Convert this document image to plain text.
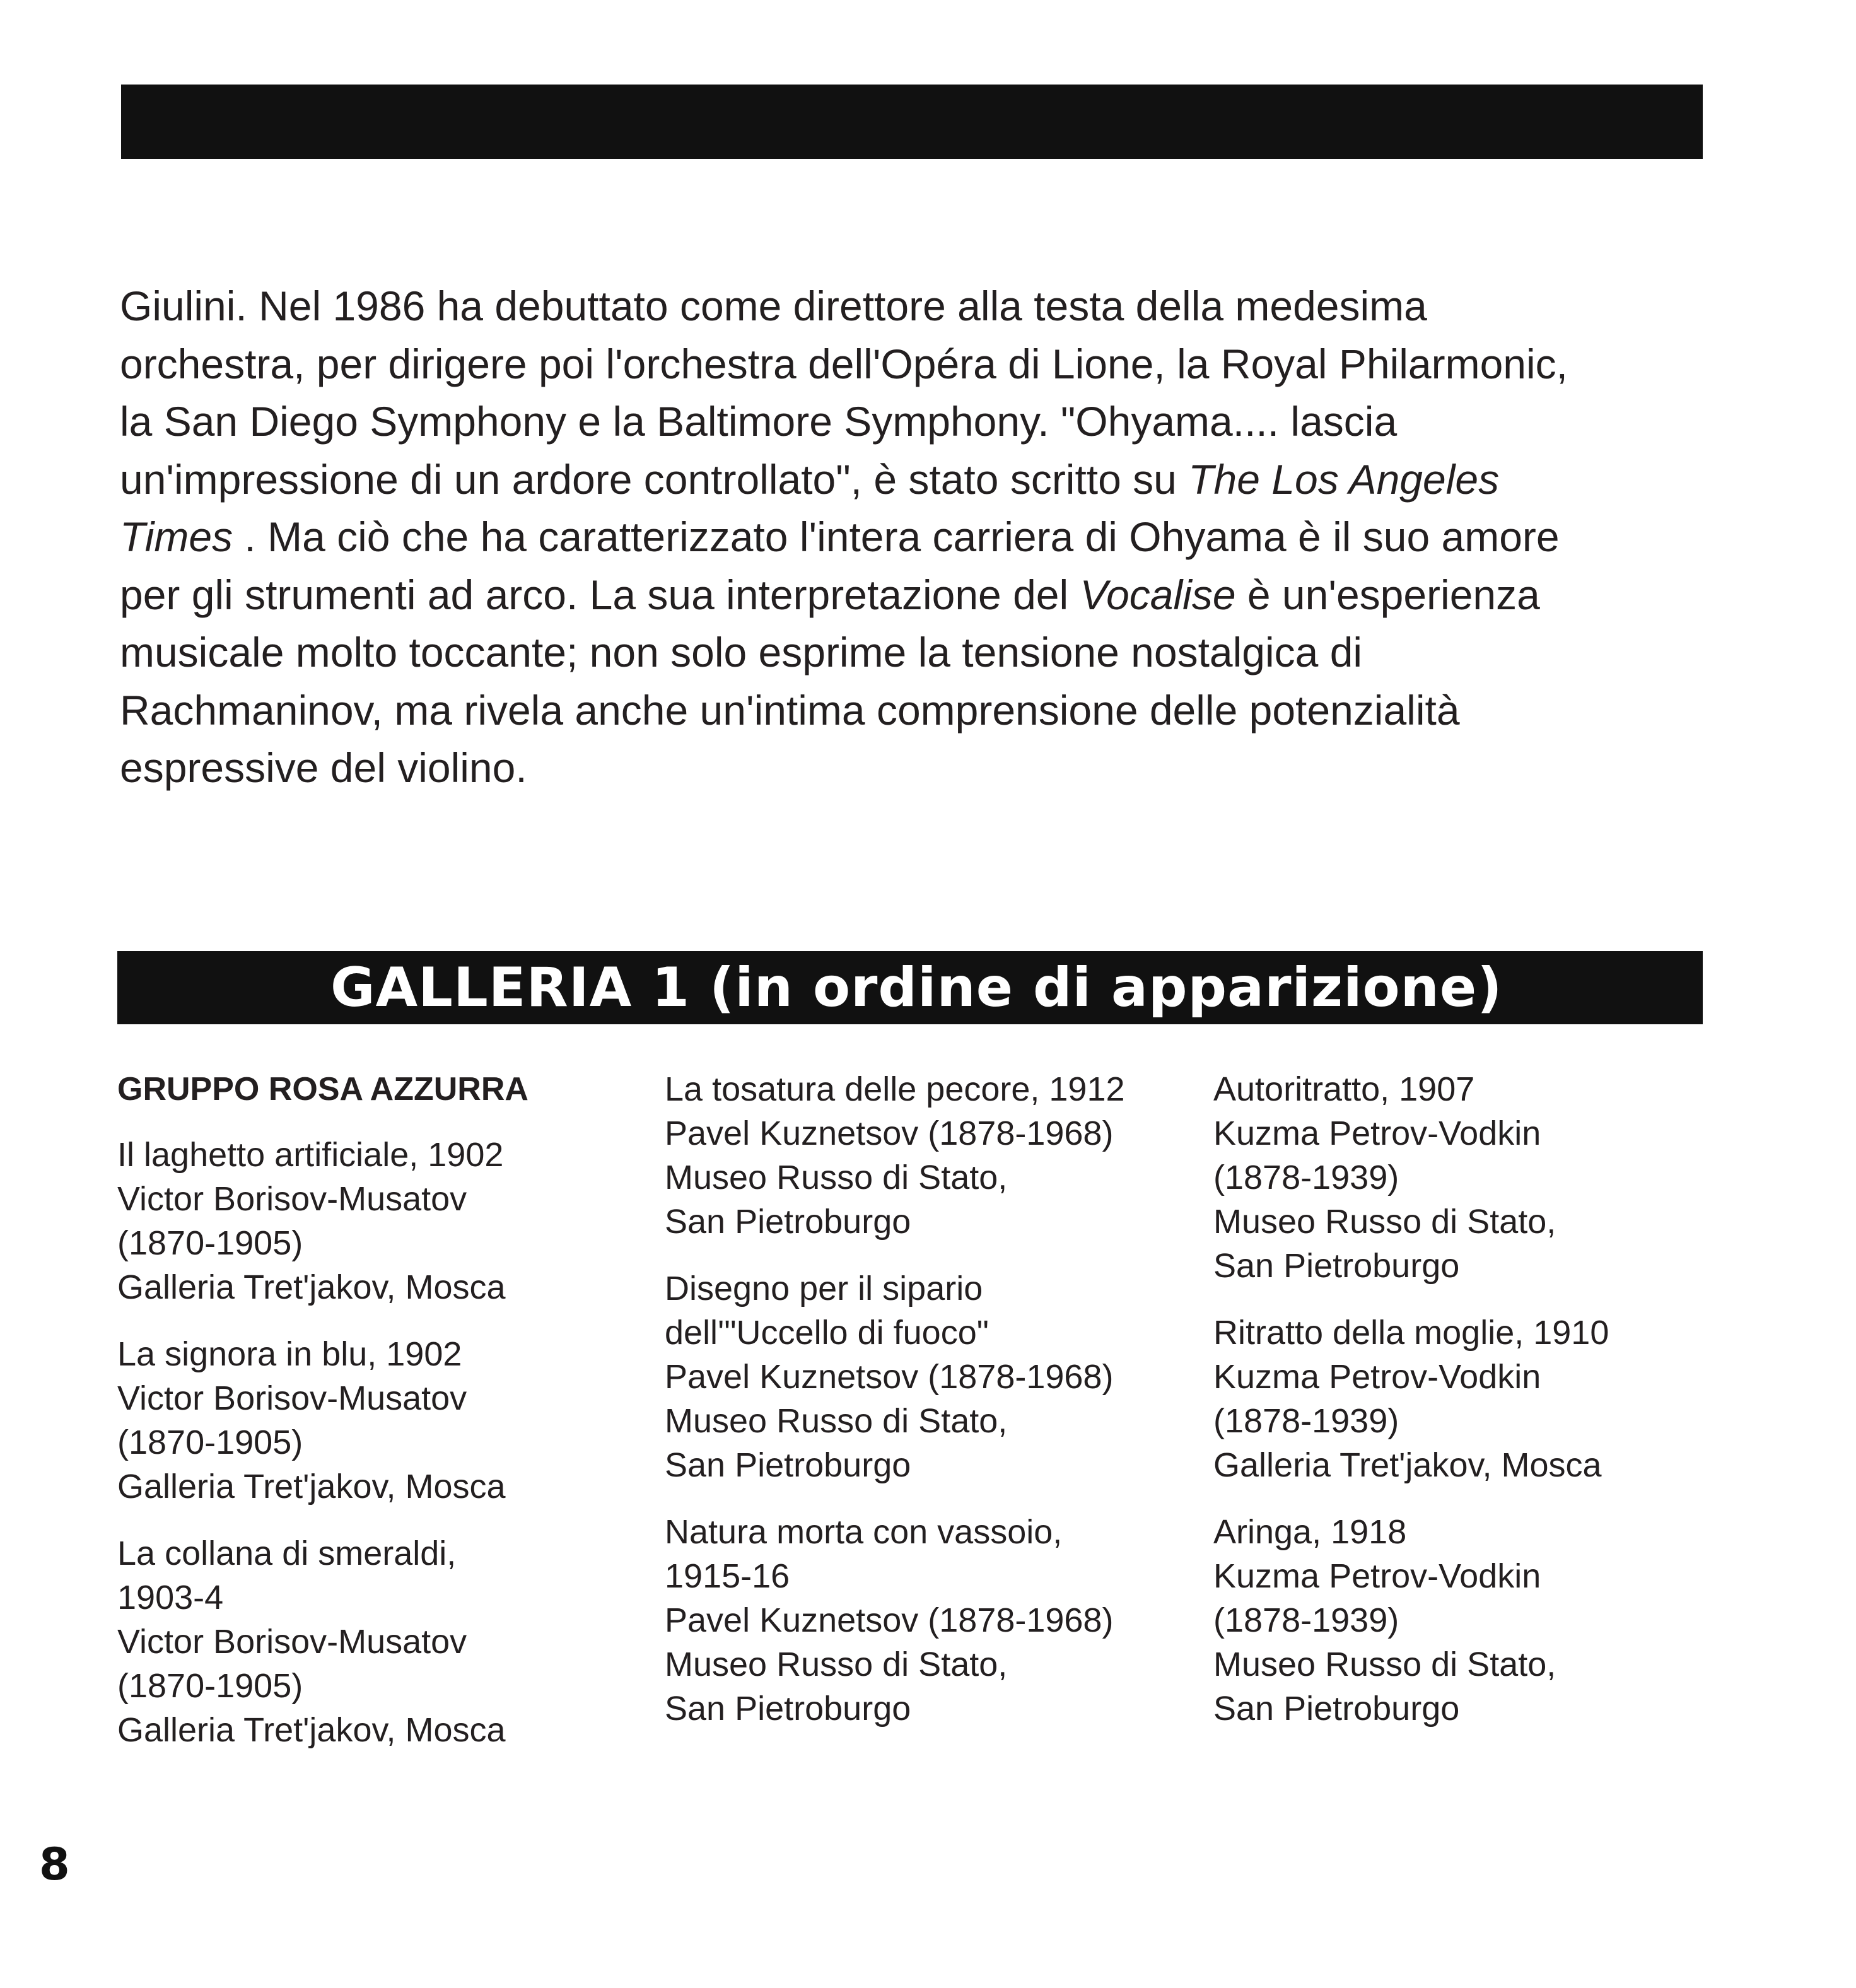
Giulini. Nel 1986 ha debuttato come direttore alla testa della medesima

orchestra, per dirigere poi l'orchestra dell'Opéra di Lione, la Royal Philarmonic,

la San Diego Symphony e la Baltimore Symphony. "Ohyama.... lascia

un'impressione di un ardore controllato", è stato scritto su The Los Angeles

Times . Ma ciò che ha caratterizzato l'intera carriera di Ohyama è il suo amore

per gli strumenti ad arco. La sua interpretazione del Vocalise è un'esperienza

musicale molto toccante; non solo esprime la tensione nostalgica di

Rachmaninov, ma rivela anche un'intima comprensione delle potenzialità

espressive del violino.

GALLERIA 1 (in ordine di apparizione)
GRUPPO ROSA AZZURRA
Il laghetto artificiale, 1902
Victor Borisov-Musatov
(1870-1905)
Galleria Tret'jakov, Mosca
La signora in blu, 1902
Victor Borisov-Musatov
(1870-1905)
Galleria Tret'jakov, Mosca
La collana di smeraldi,
1903-4
Victor Borisov-Musatov
(1870-1905)
Galleria Tret'jakov, Mosca
La tosatura delle pecore, 1912
Pavel Kuznetsov (1878-1968)
Museo Russo di Stato,
San Pietroburgo
Disegno per il sipario
dell'"Uccello di fuoco"
Pavel Kuznetsov (1878-1968)
Museo Russo di Stato,
San Pietroburgo
Natura morta con vassoio,
1915-16
Pavel Kuznetsov (1878-1968)
Museo Russo di Stato,
San Pietroburgo
Autoritratto, 1907
Kuzma Petrov-Vodkin
(1878-1939)
Museo Russo di Stato,
San Pietroburgo
Ritratto della moglie, 1910
Kuzma Petrov-Vodkin
(1878-1939)
Galleria Tret'jakov, Mosca
Aringa, 1918
Kuzma Petrov-Vodkin
(1878-1939)
Museo Russo di Stato,
San Pietroburgo
8
